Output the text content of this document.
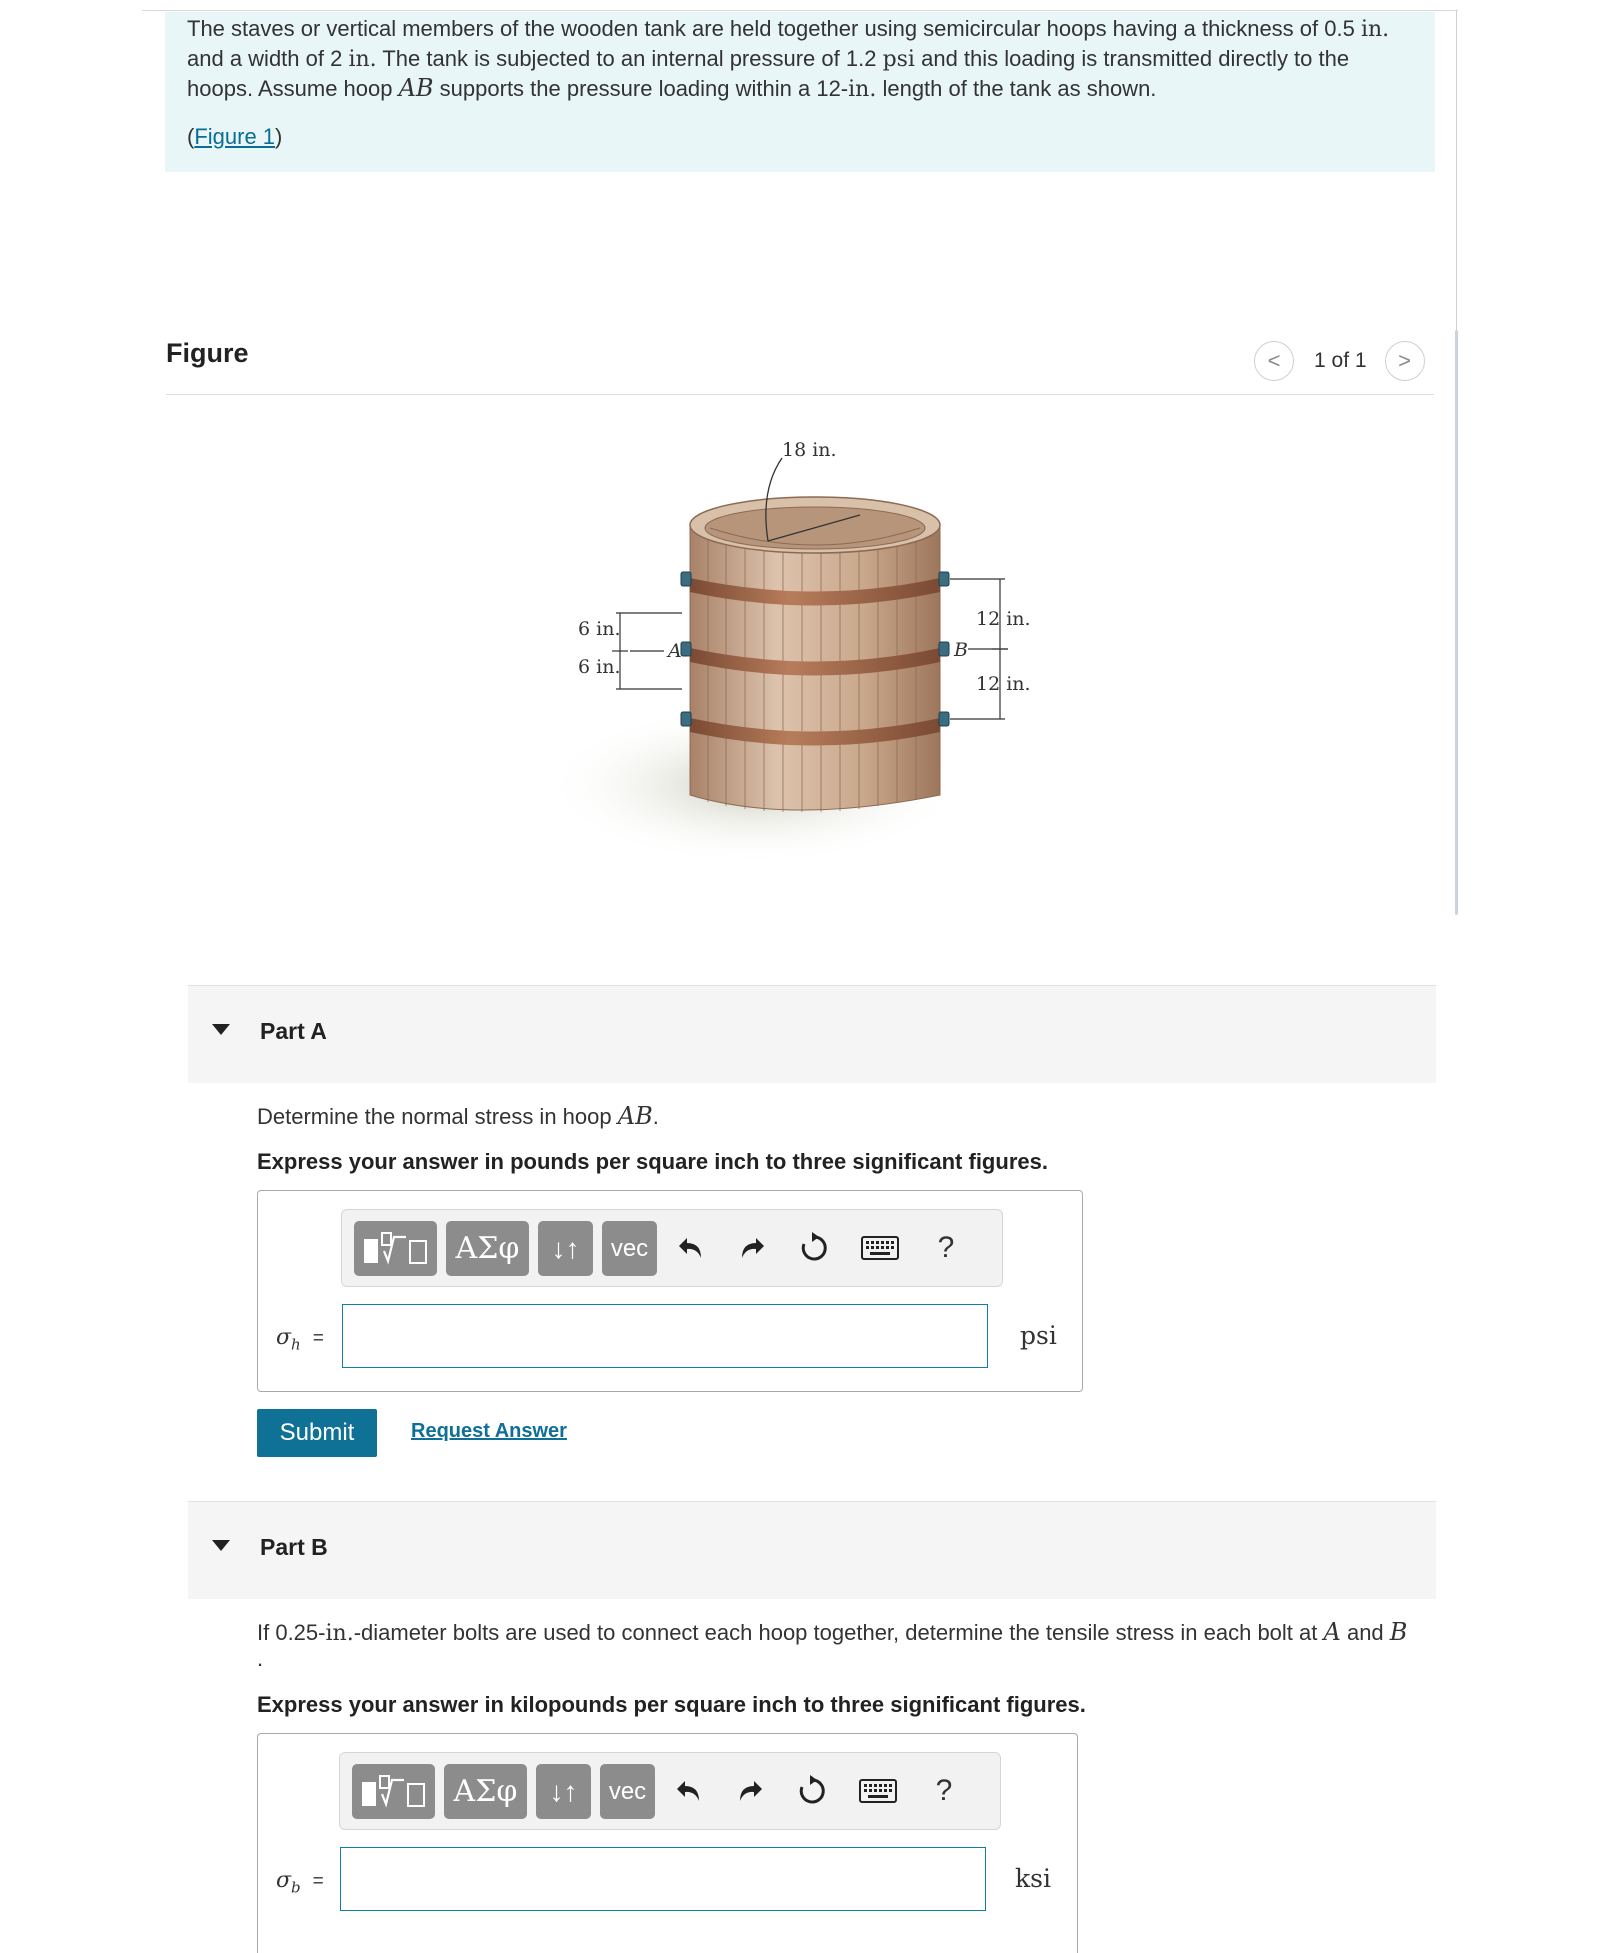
The staves or vertical members of the wooden tank are held together using semicircular hoops having a thickness of 0.5 in.

and a width of 2 in. The tank is subjected to an internal pressure of 1.2 psi and this loading is transmitted directly to the

hoops. Assume hoop AB supports the pressure loading within a 12-in. length of the tank as shown.

(Figure 1)

Figure	< 1 of 1 >
18 in.
6 in.
6 in.
A	B
12 in.
12 in.
Part A
Determine the normal stress in hoop AB.
Express your answer in pounds per square inch to three significant figures.
ΑΣφ	↓↑	vec	?
$\sigma_h$ =	psi
Submit	Request Answer
Part B
If 0.25-in.-diameter bolts are used to connect each hoop together, determine the tensile stress in each bolt at A and B
.
Express your answer in kilopounds per square inch to three significant figures.
ΑΣφ	↓↑	vec	?
$\sigma_b$ =	ksi
